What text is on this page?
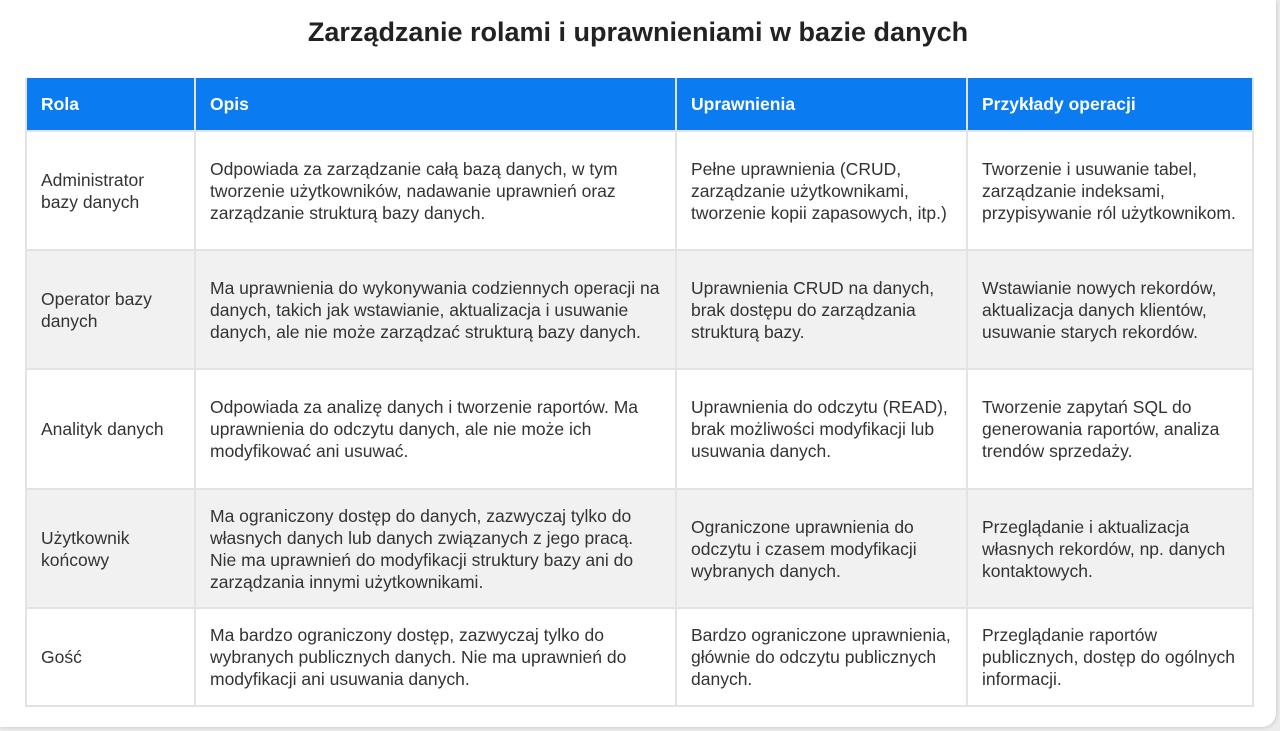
Zarządzanie rolami i uprawnieniami w bazie danych
Rola	Opis	Uprawnienia	Przykłady operacji
Administrator bazy danych	Odpowiada za zarządzanie całą bazą danych, w tym tworzenie użytkowników, nadawanie uprawnień oraz zarządzanie strukturą bazy danych.	Pełne uprawnienia (CRUD, zarządzanie użytkownikami, tworzenie kopii zapasowych, itp.)	Tworzenie i usuwanie tabel, zarządzanie indeksami, przypisywanie ról użytkownikom.
Operator bazy danych	Ma uprawnienia do wykonywania codziennych operacji na danych, takich jak wstawianie, aktualizacja i usuwanie danych, ale nie może zarządzać strukturą bazy danych.	Uprawnienia CRUD na danych, brak dostępu do zarządzania strukturą bazy.	Wstawianie nowych rekordów, aktualizacja danych klientów, usuwanie starych rekordów.
Analityk danych	Odpowiada za analizę danych i tworzenie raportów. Ma uprawnienia do odczytu danych, ale nie może ich modyfikować ani usuwać.	Uprawnienia do odczytu (READ), brak możliwości modyfikacji lub usuwania danych.	Tworzenie zapytań SQL do generowania raportów, analiza trendów sprzedaży.
Użytkownik końcowy	Ma ograniczony dostęp do danych, zazwyczaj tylko do własnych danych lub danych związanych z jego pracą. Nie ma uprawnień do modyfikacji struktury bazy ani do zarządzania innymi użytkownikami.	Ograniczone uprawnienia do odczytu i czasem modyfikacji wybranych danych.	Przeglądanie i aktualizacja własnych rekordów, np. danych kontaktowych.
Gość	Ma bardzo ograniczony dostęp, zazwyczaj tylko do wybranych publicznych danych. Nie ma uprawnień do modyfikacji ani usuwania danych.	Bardzo ograniczone uprawnienia, głównie do odczytu publicznych danych.	Przeglądanie raportów publicznych, dostęp do ogólnych informacji.
